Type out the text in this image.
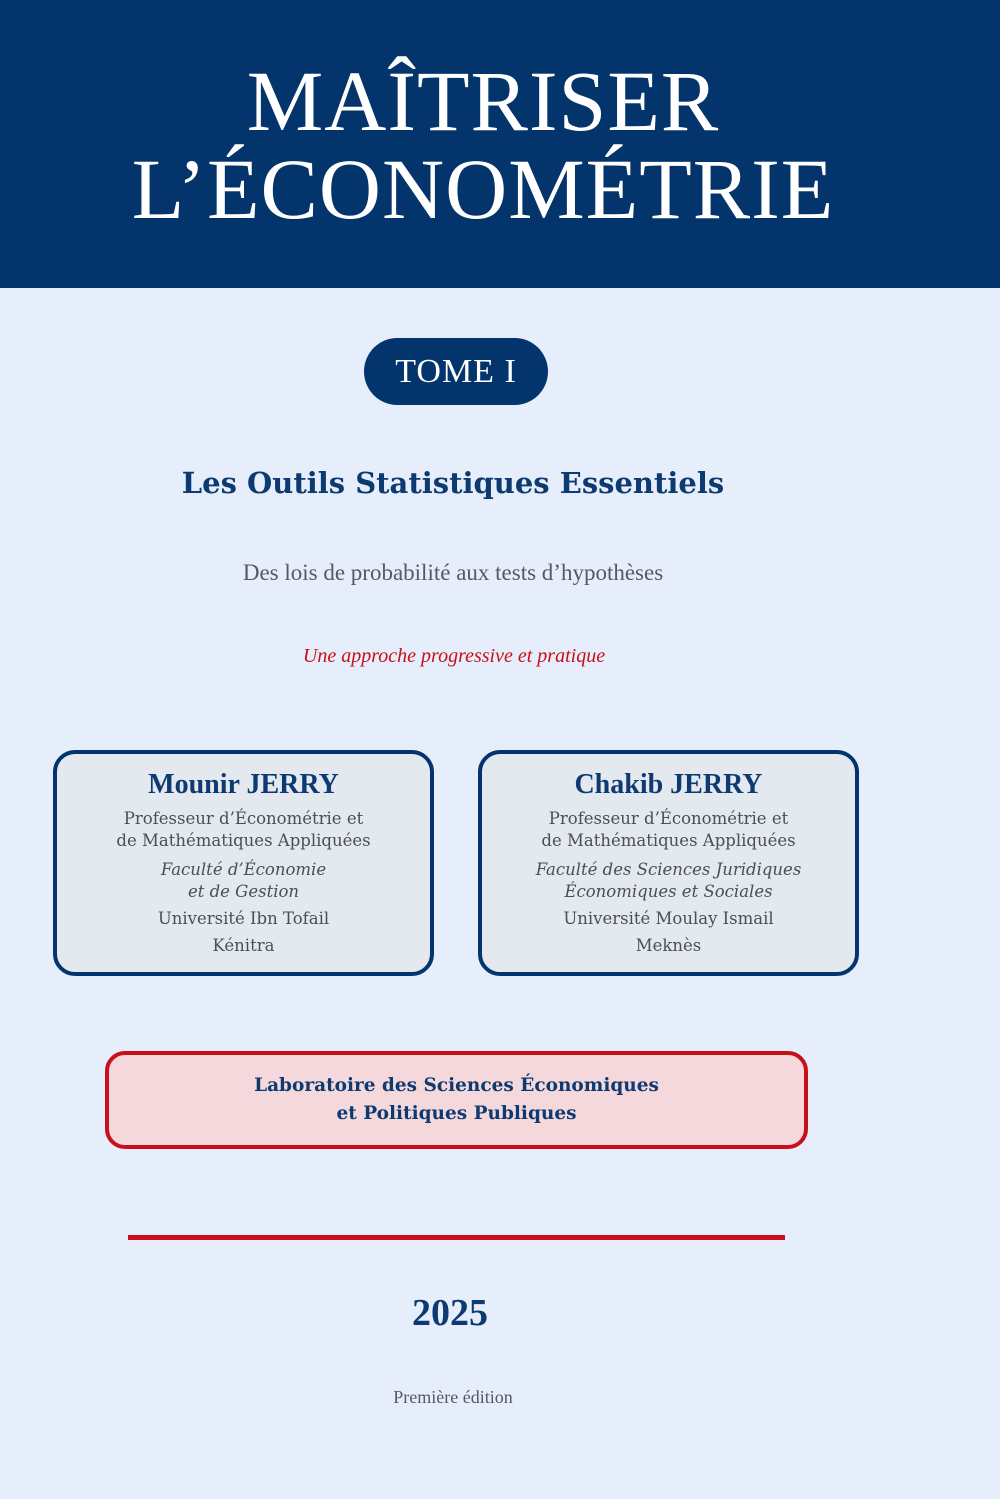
MAÎTRISER
L’ÉCONOMÉTRIE
TOME I
Les Outils Statistiques Essentiels
Des lois de probabilité aux tests d’hypothèses
Une approche progressive et pratique
Mounir JERRY
Professeur d’Économétrie et
de Mathématiques Appliquées
Faculté d’Économie
et de Gestion
Université Ibn Tofail
Kénitra
Chakib JERRY
Professeur d’Économétrie et
de Mathématiques Appliquées
Faculté des Sciences Juridiques
Économiques et Sociales
Université Moulay Ismail
Meknès
Laboratoire des Sciences Économiques
et Politiques Publiques
2025
Première édition
